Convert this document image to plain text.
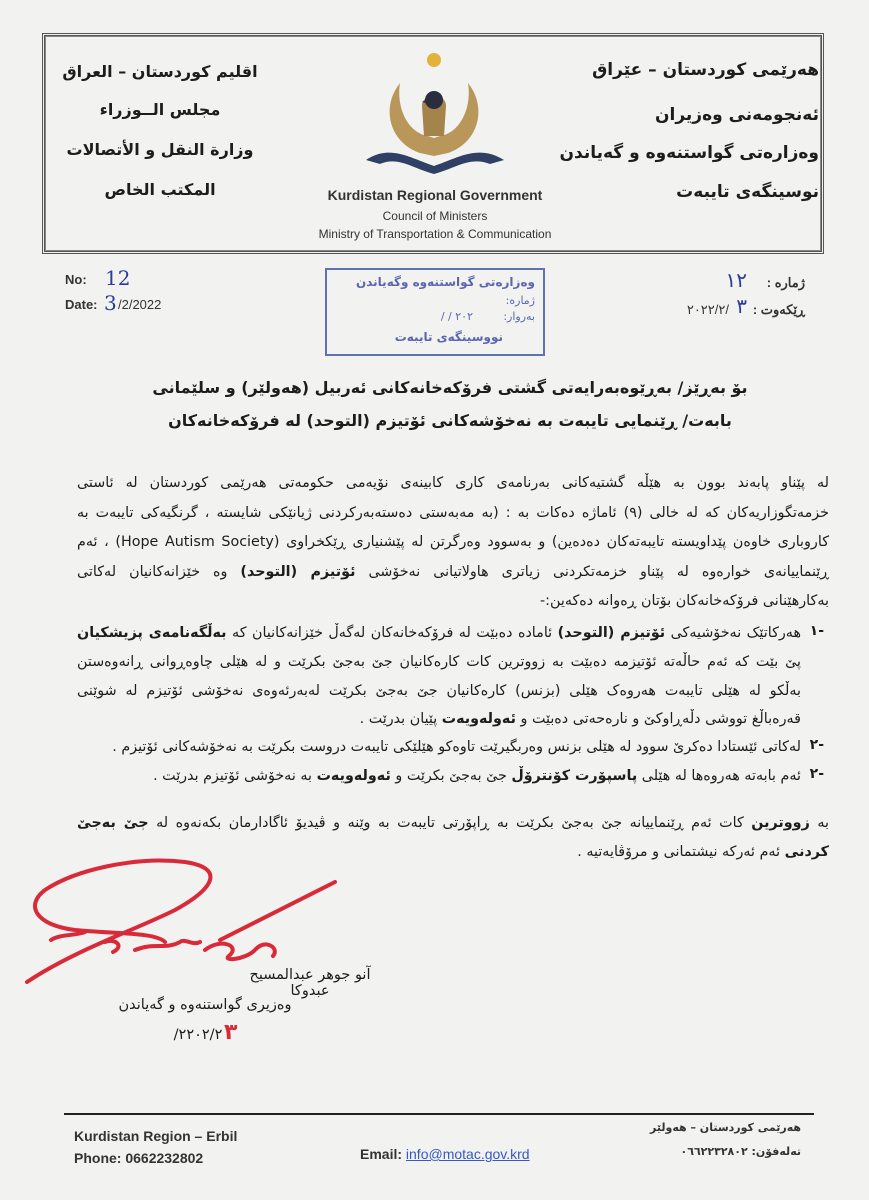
هەرێمی کوردستان – عێراق
ئەنجومەنی وەزیران
وەزارەتی گواستنەوە و گەیاندن
نوسینگەی تایبەت
اقليم كوردستان – العراق
مجلس الــوزراء
وزارة النقل و الأتصالات
المكتب الخاص	Kurdistan Regional Government
Council of Ministers
Ministry of Transportation & Communication
No: 12
Date: 3 /2/2022
ژمارە :
١٢
ڕێکەوت :
٣
٢٠٢٢/٢/
وەزارەتی گواستنەوە وگەیاندن
ژمارە:
بەروار:
٢٠٢ / /
نووسینگەی تایبەت
بۆ بەڕێز/ بەڕێوەبەرایەتی گشتی فرۆکەخانەکانی ئەربیل (هەولێر) و سلێمانی
بابەت/ ڕێنمایی تایبەت بە نەخۆشەکانی ئۆتیزم (التوحد) لە فرۆکەخانەکان
له پێناو پابەند بوون بە هێڵە گشتیەکانی بەرنامەی کاری کابینەی نۆیەمی حکومەتی هەرێمی کوردستان لە ئاستی
خزمەتگوزاریەکان کە لە خالی (٩) ئاماژە دەکات بە : (بە مەبەستی دەستەبەرکردنی ژیانێکی شایستە ، گرنگیەکی تایبەت بە
کاروباری خاوەن پێداویستە تایبەتەکان دەدەین) و بەسوود وەرگرتن لە پێشنیاری ڕێکخراوی (Hope Autism Society) ، ئەم
ڕێنماییانەی خوارەوە لە پێناو خزمەتکردنی زیاتری هاولاتیانی نەخۆشی ئۆتیزم (التوحد) وە خێزانەکانیان لەکاتی
بەکارهێنانی فرۆکەخانەکان بۆتان ڕەوانە دەکەین:-
-١
هەرکاتێک نەخۆشیەکی ئۆتیزم (التوحد) ئامادە دەبێت لە فرۆکەخانەکان لەگەڵ خێزانەکانیان کە بەڵگەنامەی پزیشکیان
پێ بێت کە ئەم حاڵەتە ئۆتیزمە دەبێت بە زووترین کات کارەکانیان جێ بەجێ بکرێت و لە هێلی چاوەڕوانی ڕانەوەستن
بەڵکو لە هێلی تایبەت هەروەک هێلی (بزنس) کارەکانیان جێ بەجێ بکرێت لەبەرئەوەی نەخۆشی ئۆتیزم لە شوێنی
قەرەباڵغ تووشی دڵەڕاوکێ و نارەحەتی دەبێت و ئەولەویەت پێیان بدرێت .
-٢
لەکاتی ئێستادا دەکرێ سوود لە هێلی بزنس وەربگیرێت تاوەکو هێلێکی تایبەت دروست بکرێت بە نەخۆشەکانی ئۆتیزم .
-٢
ئەم بابەتە هەروەها لە هێلی پاسپۆرت کۆنترۆڵ جێ بەجێ بکرێت و ئەولەویەت بە نەخۆشی ئۆتیزم بدرێت .
بە زووترین کات ئەم ڕێنماییانە جێ بەجێ بکرێت بە ڕاپۆرتی تایبەت بە وێنە و ڤیدیۆ ئاگادارمان بکەنەوە لە جێ بەجێ
کردنی ئەم ئەرکە نیشتمانی و مرۆڤایەتیە .
آنو جوهر عبدالمسيح عبدوكا
وەزیری گواستنەوە و گەیاندن
٢٢٠٢/٢/ ٣
Kurdistan Region – Erbil
Phone: 0662232802	Email: info@motac.gov.krd
هەرێمی کوردستان – هەولێر
تەلەفۆن: ٠٦٦٢٢٣٢٨٠٢
